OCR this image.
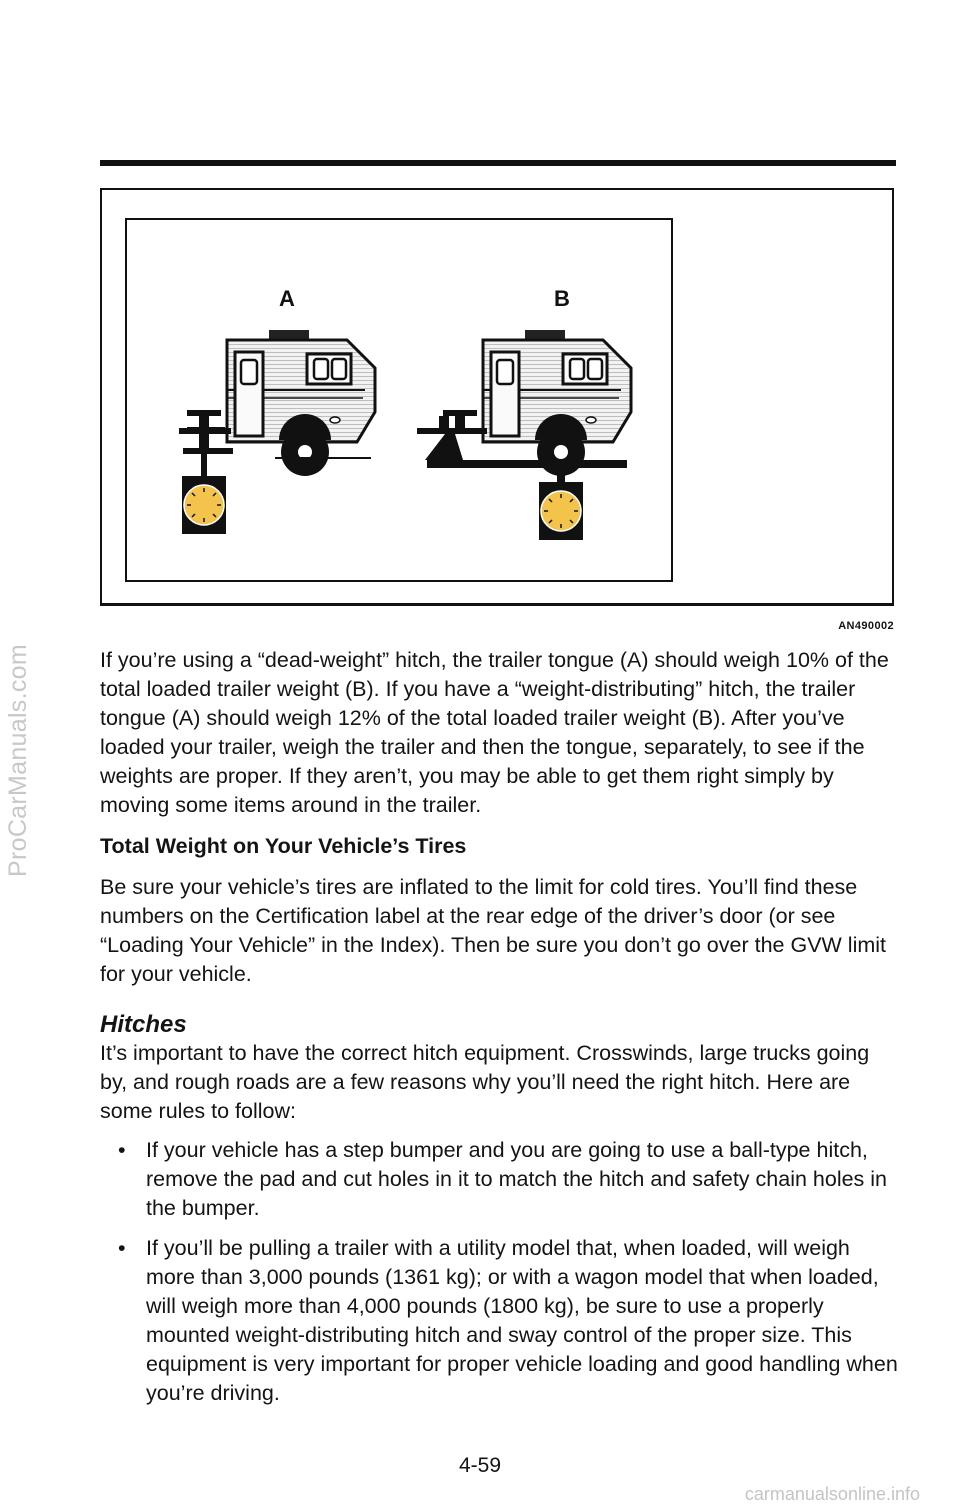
ProCarManuals.com
A	B
AN490002

If you’re using a “dead-weight” hitch, the trailer tongue (A) should weigh 10% of the total loaded trailer weight (B). If you have a “weight-distributing” hitch, the trailer tongue (A) should weigh 12% of the total loaded trailer weight (B). After you’ve loaded your trailer, weigh the trailer and then the tongue, separately, to see if the weights are proper. If they aren’t, you may be able to get them right simply by moving some items around in the trailer.

Total Weight on Your Vehicle’s Tires

Be sure your vehicle’s tires are inflated to the limit for cold tires. You’ll find these numbers on the Certification label at the rear edge of the driver’s door (or see “Loading Your Vehicle” in the Index). Then be sure you don’t go over the GVW limit for your vehicle.

Hitches

It’s important to have the correct hitch equipment. Crosswinds, large trucks going by, and rough roads are a few reasons why you’ll need the right hitch. Here are some rules to follow:

• If your vehicle has a step bumper and you are going to use a ball-type hitch, remove the pad and cut holes in it to match the hitch and safety chain holes in the bumper.
• If you’ll be pulling a trailer with a utility model that, when loaded, will weigh more than 3,000 pounds (1361 kg); or with a wagon model that when loaded, will weigh more than 4,000 pounds (1800 kg), be sure to use a properly mounted weight-distributing hitch and sway control of the proper size. This equipment is very important for proper vehicle loading and good handling when you’re driving.
4-59
carmanualsonline.info
